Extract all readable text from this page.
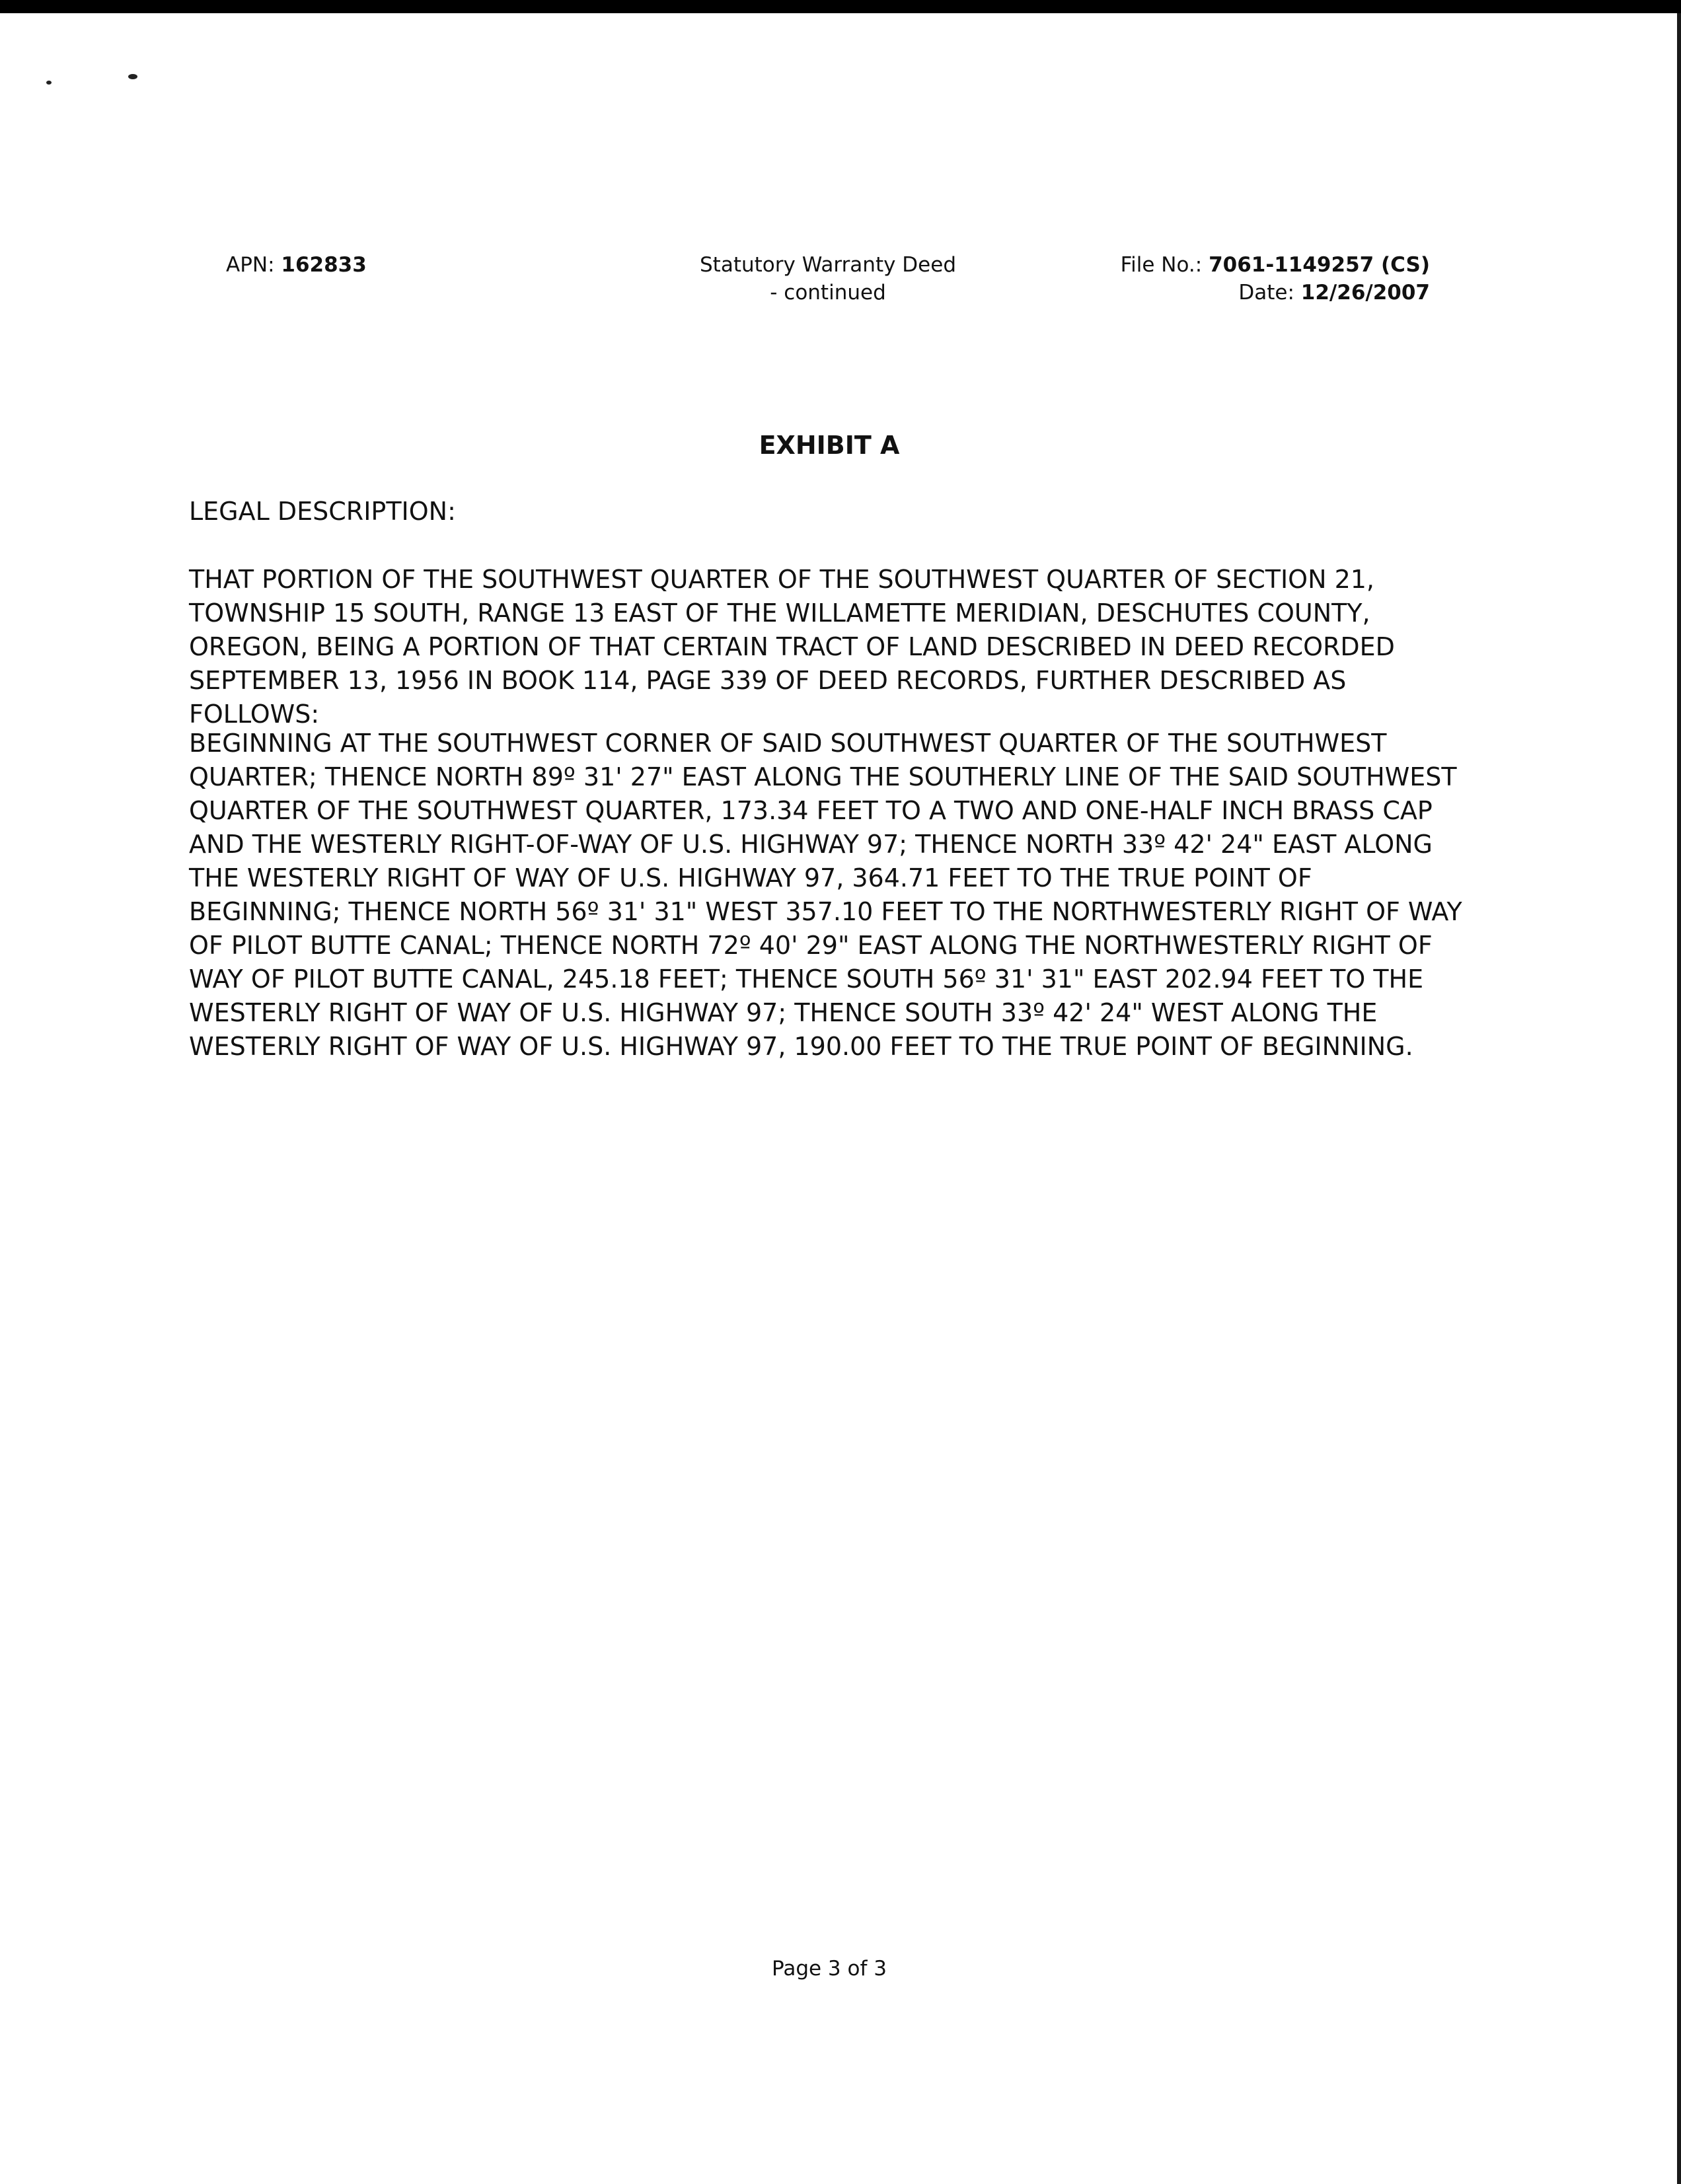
APN: 162833	Statutory Warranty Deed
- continued
File No.: 7061-1149257 (CS)
Date: 12/26/2007
EXHIBIT A
LEGAL DESCRIPTION:
THAT PORTION OF THE SOUTHWEST QUARTER OF THE SOUTHWEST QUARTER OF SECTION 21,
TOWNSHIP 15 SOUTH, RANGE 13 EAST OF THE WILLAMETTE MERIDIAN, DESCHUTES COUNTY,
OREGON, BEING A PORTION OF THAT CERTAIN TRACT OF LAND DESCRIBED IN DEED RECORDED
SEPTEMBER 13, 1956 IN BOOK 114, PAGE 339 OF DEED RECORDS, FURTHER DESCRIBED AS FOLLOWS:
BEGINNING AT THE SOUTHWEST CORNER OF SAID SOUTHWEST QUARTER OF THE SOUTHWEST
QUARTER; THENCE NORTH 89º 31' 27" EAST ALONG THE SOUTHERLY LINE OF THE SAID SOUTHWEST
QUARTER OF THE SOUTHWEST QUARTER, 173.34 FEET TO A TWO AND ONE-HALF INCH BRASS CAP
AND THE WESTERLY RIGHT-OF-WAY OF U.S. HIGHWAY 97; THENCE NORTH 33º 42' 24" EAST ALONG
THE WESTERLY RIGHT OF WAY OF U.S. HIGHWAY 97, 364.71 FEET TO THE TRUE POINT OF
BEGINNING; THENCE NORTH 56º 31' 31" WEST 357.10 FEET TO THE NORTHWESTERLY RIGHT OF WAY
OF PILOT BUTTE CANAL; THENCE NORTH 72º 40' 29" EAST ALONG THE NORTHWESTERLY RIGHT OF
WAY OF PILOT BUTTE CANAL, 245.18 FEET; THENCE SOUTH 56º 31' 31" EAST 202.94 FEET TO THE
WESTERLY RIGHT OF WAY OF U.S. HIGHWAY 97; THENCE SOUTH 33º 42' 24" WEST ALONG THE
WESTERLY RIGHT OF WAY OF U.S. HIGHWAY 97, 190.00 FEET TO THE TRUE POINT OF BEGINNING.
Page 3 of 3
